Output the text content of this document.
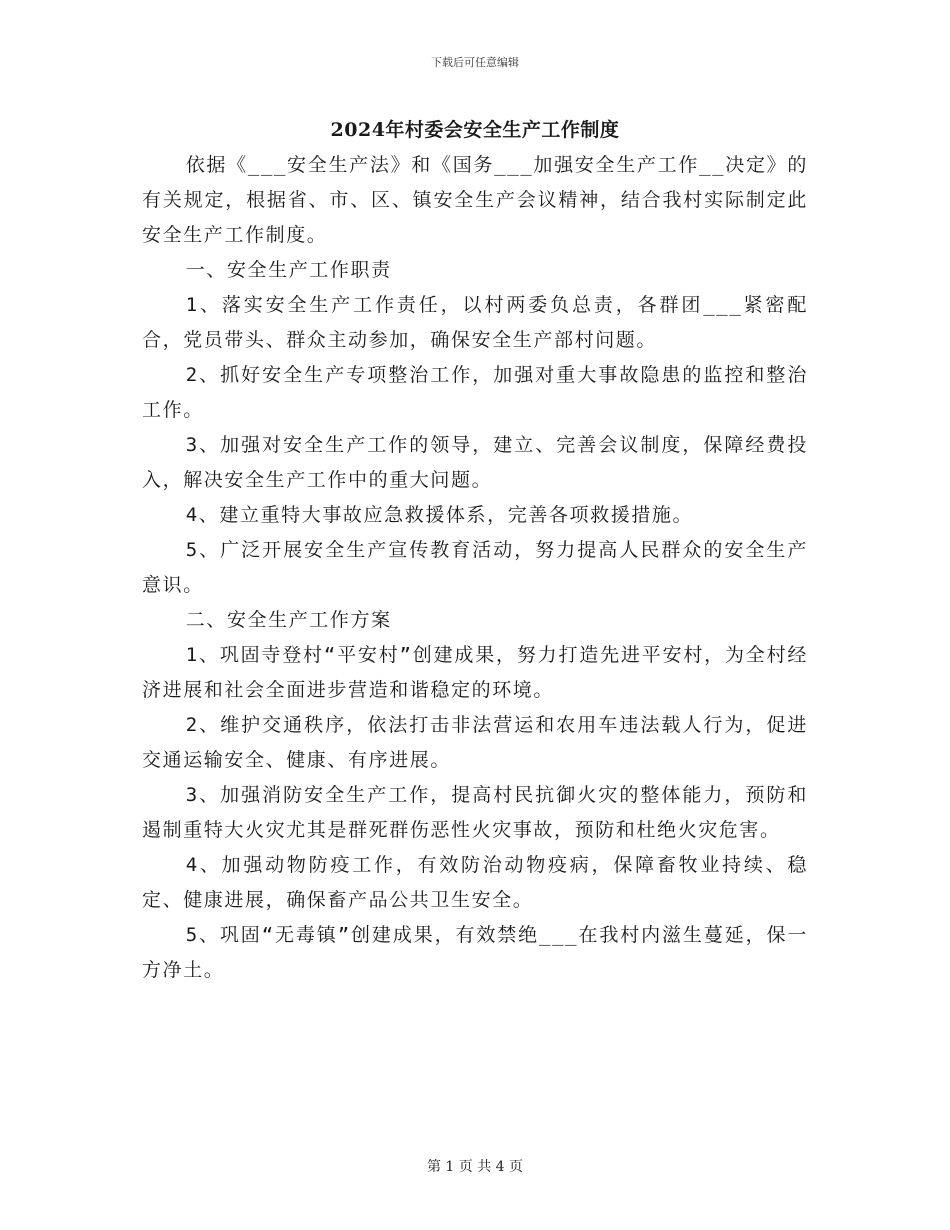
下载后可任意编辑
2024年村委会安全生产工作制度

依据《___安全生产法》和《国务___加强安全生产工作__决定》的有关规定，根据省、市、区、镇安全生产会议精神，结合我村实际制定此安全生产工作制度。

一、安全生产工作职责

1、落实安全生产工作责任，以村两委负总责，各群团___紧密配合，党员带头、群众主动参加，确保安全生产部村问题。

2、抓好安全生产专项整治工作，加强对重大事故隐患的监控和整治工作。

3、加强对安全生产工作的领导，建立、完善会议制度，保障经费投入，解决安全生产工作中的重大问题。

4、建立重特大事故应急救援体系，完善各项救援措施。

5、广泛开展安全生产宣传教育活动，努力提高人民群众的安全生产意识。

二、安全生产工作方案

1、巩固寺登村“平安村”创建成果，努力打造先进平安村，为全村经济进展和社会全面进步营造和谐稳定的环境。

2、维护交通秩序，依法打击非法营运和农用车违法载人行为，促进交通运输安全、健康、有序进展。

3、加强消防安全生产工作，提高村民抗御火灾的整体能力，预防和遏制重特大火灾尤其是群死群伤恶性火灾事故，预防和杜绝火灾危害。

4、加强动物防疫工作，有效防治动物疫病，保障畜牧业持续、稳定、健康进展，确保畜产品公共卫生安全。

5、巩固“无毒镇”创建成果，有效禁绝___在我村内滋生蔓延，保一方净土。

第 1 页 共 4 页
